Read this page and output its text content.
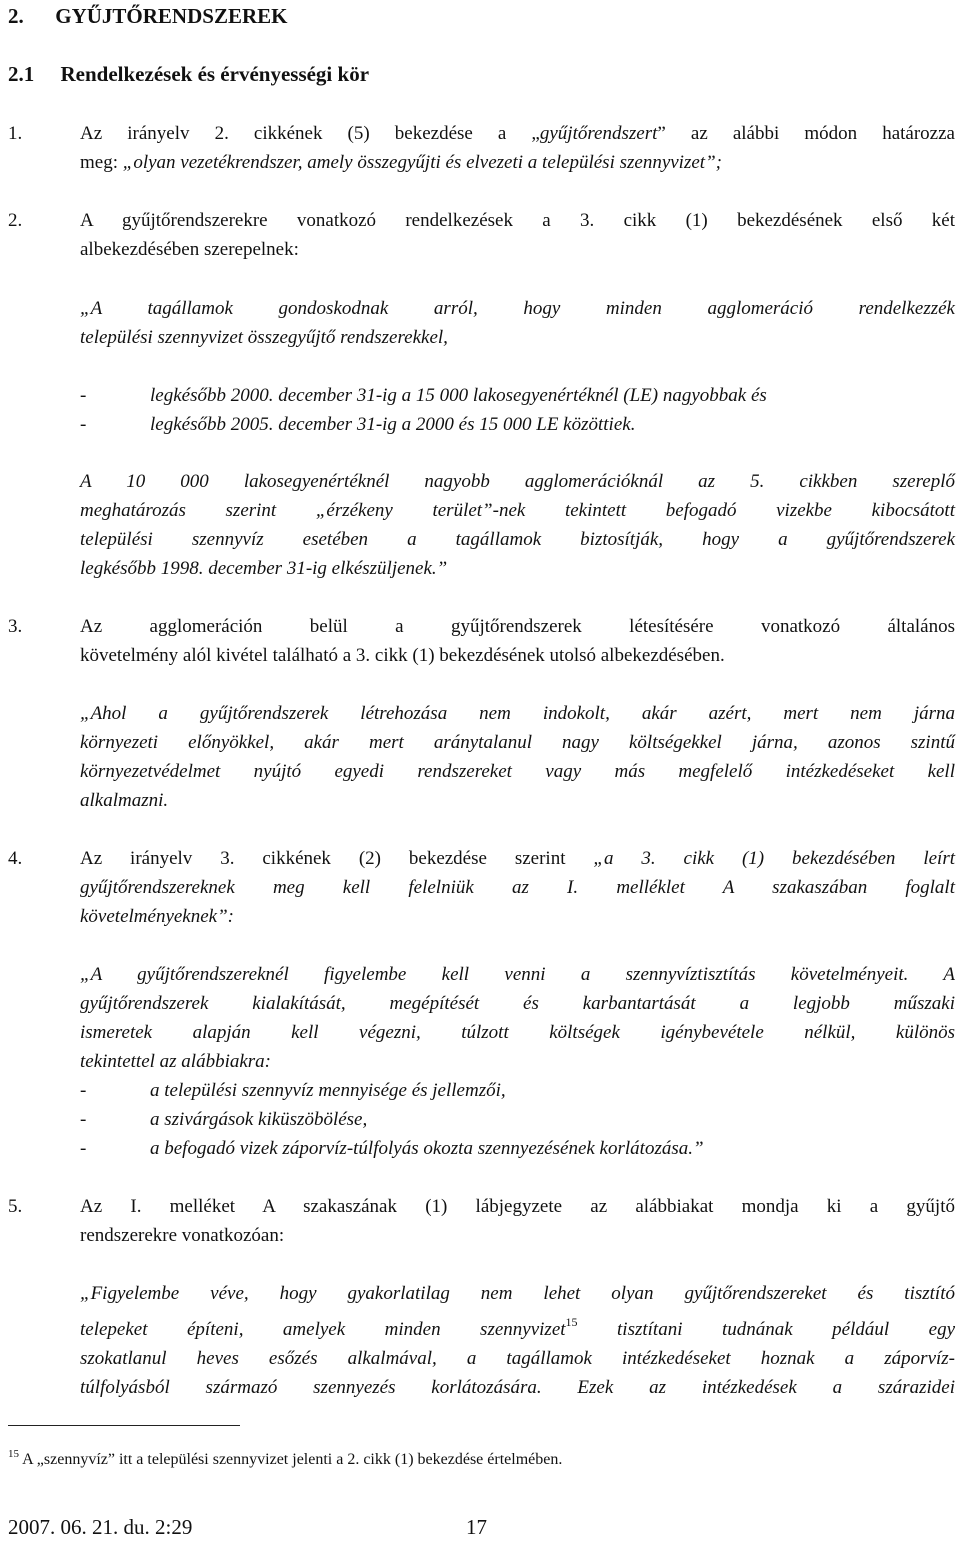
2.      GYŰJTŐRENDSZEREK
2.1     Rendelkezések és érvényességi kör
1.	Az irányelv 2. cikkének (5) bekezdése a „gyűjtőrendszert” az alábbi módon határozza
meg: „olyan vezetékrendszer, amely összegyűjti és elvezeti a települési szennyvizet”;
2.	A gyűjtőrendszerekre vonatkozó rendelkezések a 3. cikk (1) bekezdésének első két
albekezdésében szerepelnek:
„A tagállamok gondoskodnak arról, hogy minden agglomeráció rendelkezzék
települési szennyvizet összegyűjtő rendszerekkel,
-	legkésőbb 2000. december 31-ig a 15 000 lakosegyenértéknél (LE) nagyobbak és
-	legkésőbb 2005. december 31-ig a 2000 és 15 000 LE közöttiek.
A 10 000 lakosegyenértéknél nagyobb agglomerációknál az 5. cikkben szereplő
meghatározás szerint „érzékeny terület”-nek tekintett befogadó vizekbe kibocsátott
települési szennyvíz esetében a tagállamok biztosítják, hogy a gyűjtőrendszerek
legkésőbb 1998. december 31-ig elkészüljenek.”
3.	Az agglomeráción belül a gyűjtőrendszerek létesítésére vonatkozó általános
követelmény alól kivétel található a 3. cikk (1) bekezdésének utolsó albekezdésében.
„Ahol a gyűjtőrendszerek létrehozása nem indokolt, akár azért, mert nem járna
környezeti előnyökkel, akár mert aránytalanul nagy költségekkel járna, azonos szintű
környezetvédelmet nyújtó egyedi rendszereket vagy más megfelelő intézkedéseket kell
alkalmazni.
4.	Az irányelv 3. cikkének (2) bekezdése szerint „a 3. cikk (1) bekezdésében leírt
gyűjtőrendszereknek meg kell felelniük az I. melléklet A szakaszában foglalt
követelményeknek”:
„A gyűjtőrendszereknél figyelembe kell venni a szennyvíztisztítás követelményeit. A
gyűjtőrendszerek kialakítását, megépítését és karbantartását a legjobb műszaki
ismeretek alapján kell végezni, túlzott költségek igénybevétele nélkül, különös
tekintettel az alábbiakra:
-	a települési szennyvíz mennyisége és jellemzői,
-	a szivárgások kiküszöbölése,
-	a befogadó vizek záporvíz-túlfolyás okozta szennyezésének korlátozása.”
5.	Az I. melléket A szakaszának (1) lábjegyzete az alábbiakat mondja ki a gyűjtő
rendszerekre vonatkozóan:
„Figyelembe véve, hogy gyakorlatilag nem lehet olyan gyűjtőrendszereket és tisztító
telepeket építeni, amelyek minden szennyvizet$^{15}$ tisztítani tudnának például egy
szokatlanul heves esőzés alkalmával, a tagállamok intézkedéseket hoznak a záporvíz-
túlfolyásból származó szennyezés korlátozására. Ezek az intézkedések a szárazidei
$^{15}$ A „szennyvíz” itt a települési szennyvizet jelenti a 2. cikk (1) bekezdése értelmében.
2007. 06. 21. du. 2:29	17
